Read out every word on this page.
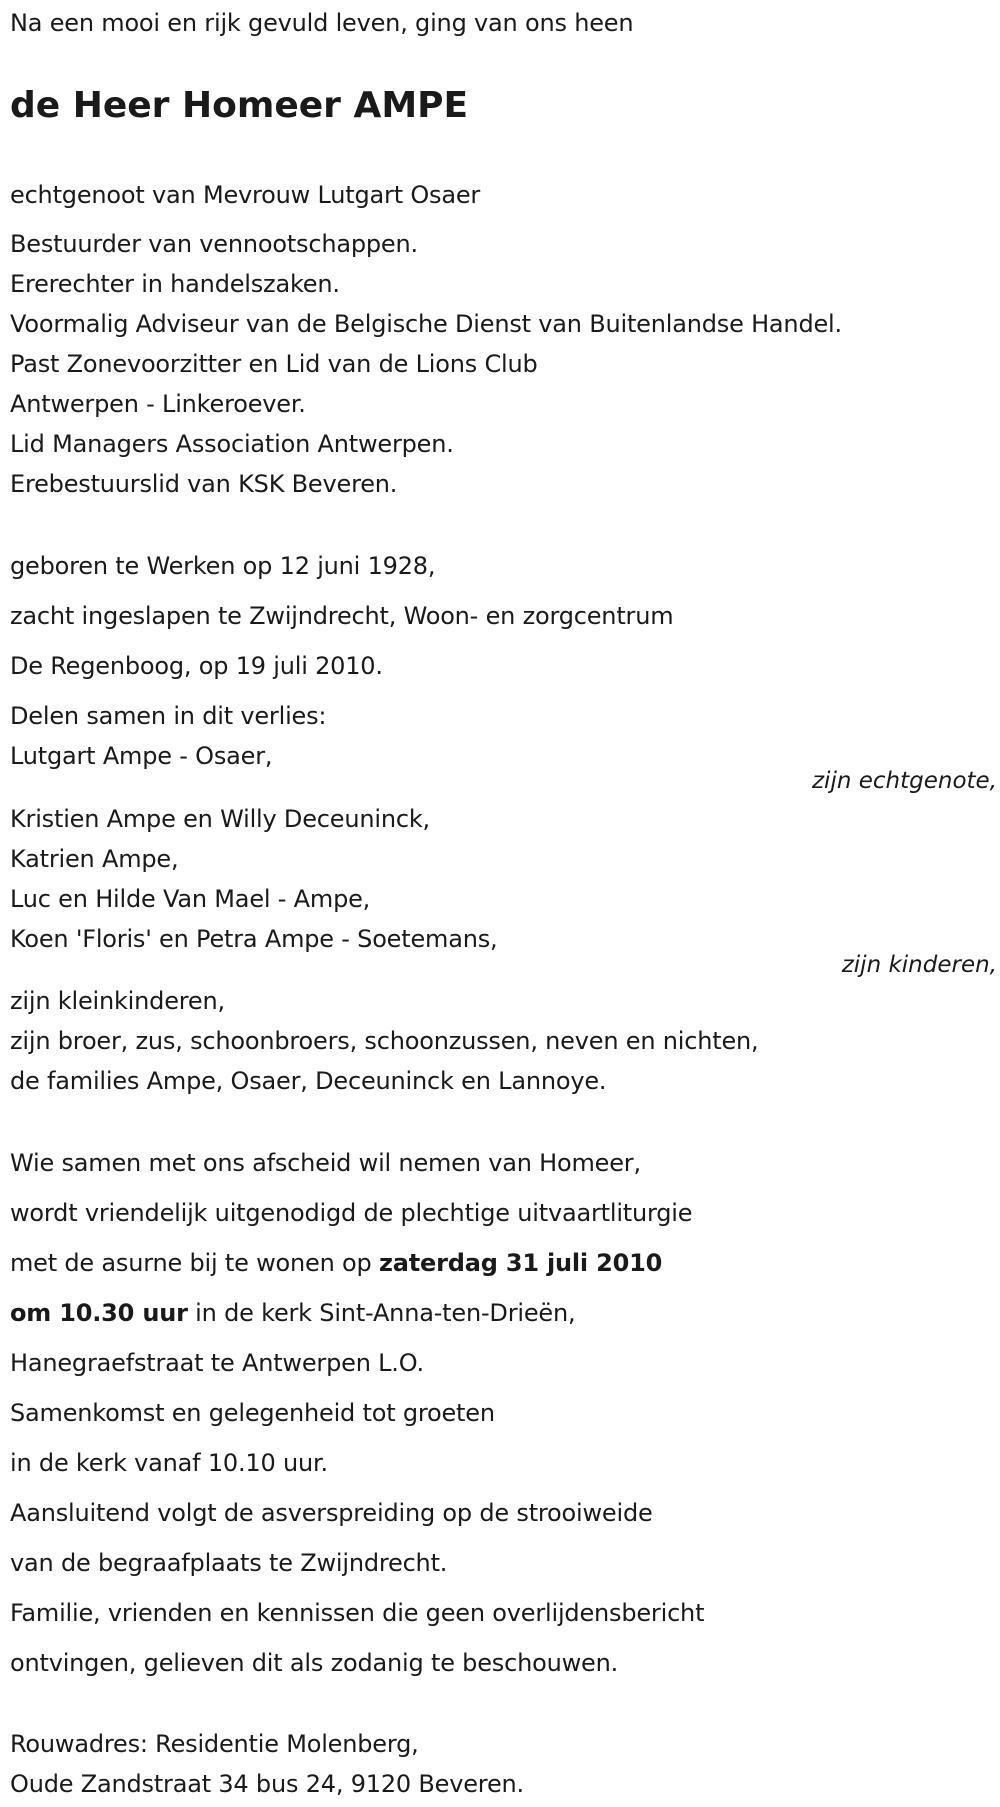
Na een mooi en rijk gevuld leven, ging van ons heen
de Heer Homeer AMPE
echtgenoot van Mevrouw Lutgart Osaer
Bestuurder van vennootschappen.
Ererechter in handelszaken.
Voormalig Adviseur van de Belgische Dienst van Buitenlandse Handel.
Past Zonevoorzitter en Lid van de Lions Club
Antwerpen - Linkeroever.
Lid Managers Association Antwerpen.
Erebestuurslid van KSK Beveren.
geboren te Werken op 12 juni 1928,
zacht ingeslapen te Zwijndrecht, Woon- en zorgcentrum
De Regenboog, op 19 juli 2010.
Delen samen in dit verlies:
Lutgart Ampe - Osaer,
zijn echtgenote,
Kristien Ampe en Willy Deceuninck,
Katrien Ampe,
Luc en Hilde Van Mael - Ampe,
Koen 'Floris' en Petra Ampe - Soetemans,
zijn kinderen,
zijn kleinkinderen,
zijn broer, zus, schoonbroers, schoonzussen, neven en nichten,
de families Ampe, Osaer, Deceuninck en Lannoye.
Wie samen met ons afscheid wil nemen van Homeer,
wordt vriendelijk uitgenodigd de plechtige uitvaartliturgie
met de asurne bij te wonen op zaterdag 31 juli 2010
om 10.30 uur in de kerk Sint-Anna-ten-Drieën,
Hanegraefstraat te Antwerpen L.O.
Samenkomst en gelegenheid tot groeten
in de kerk vanaf 10.10 uur.
Aansluitend volgt de asverspreiding op de strooiweide
van de begraafplaats te Zwijndrecht.
Familie, vrienden en kennissen die geen overlijdensbericht
ontvingen, gelieven dit als zodanig te beschouwen.
Rouwadres: Residentie Molenberg,
Oude Zandstraat 34 bus 24, 9120 Beveren.
